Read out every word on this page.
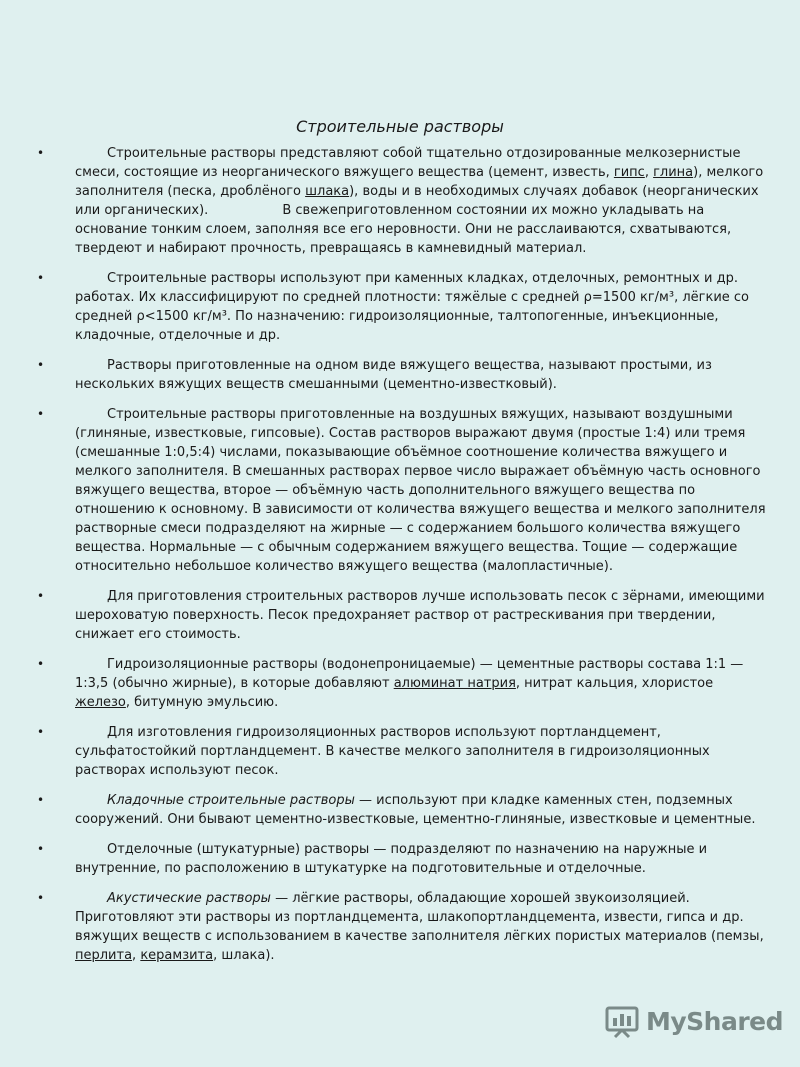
Строительные растворы
•	Строительные растворы представляют собой тщательно отдозированные мелкозернистые смеси, состоящие из неорганического вяжущего вещества (цемент, известь, гипс, глина), мелкого заполнителя (песка, дроблёного шлака), воды и в необходимых случаях добавок (неорганических или органических).	В свежеприготовленном состоянии их можно укладывать на основание тонким слоем, заполняя все его неровности. Они не расслаиваются, схватываются, твердеют и набирают прочность, превращаясь в камневидный материал.
•	Строительные растворы используют при каменных кладках, отделочных, ремонтных и др. работах. Их классифицируют по средней плотности: тяжёлые с средней ρ=1500 кг/м³, лёгкие со средней ρ<1500 кг/м³. По назначению: гидроизоляционные, талтопогенные, инъекционные, кладочные, отделочные и др.
•	Растворы приготовленные на одном виде вяжущего вещества, называют простыми, из нескольких вяжущих веществ смешанными (цементно-известковый).
•	Строительные растворы приготовленные на воздушных вяжущих, называют воздушными (глиняные, известковые, гипсовые). Состав растворов выражают двумя (простые 1:4) или тремя (смешанные 1:0,5:4) числами, показывающие объёмное соотношение количества вяжущего и мелкого заполнителя. В смешанных растворах первое число выражает объёмную часть основного вяжущего вещества, второе — объёмную часть дополнительного вяжущего вещества по отношению к основному. В зависимости от количества вяжущего вещества и мелкого заполнителя растворные смеси подразделяют на жирные — с содержанием большого количества вяжущего вещества. Нормальные — с обычным содержанием вяжущего вещества. Тощие — содержащие относительно небольшое количество вяжущего вещества (малопластичные).
•	Для приготовления строительных растворов лучше использовать песок с зёрнами, имеющими шероховатую поверхность. Песок предохраняет раствор от растрескивания при твердении, снижает его стоимость.
•	Гидроизоляционные растворы (водонепроницаемые) — цементные растворы состава 1:1 — 1:3,5 (обычно жирные), в которые добавляют алюминат натрия, нитрат кальция, хлористое железо, битумную эмульсию.
•	Для изготовления гидроизоляционных растворов используют портландцемент, сульфатостойкий портландцемент. В качестве мелкого заполнителя в гидроизоляционных растворах используют песок.
•	Кладочные строительные растворы — используют при кладке каменных стен, подземных сооружений. Они бывают цементно-известковые, цементно-глиняные, известковые и цементные.
•	Отделочные (штукатурные) растворы — подразделяют по назначению на наружные и внутренние, по расположению в штукатурке на подготовительные и отделочные.
•	Акустические растворы — лёгкие растворы, обладающие хорошей звукоизоляцией. Приготовляют эти растворы из портландцемента, шлакопортландцемента, извести, гипса и др. вяжущих веществ с использованием в качестве заполнителя лёгких пористых материалов (пемзы, перлита, керамзита, шлака).
MyShared
